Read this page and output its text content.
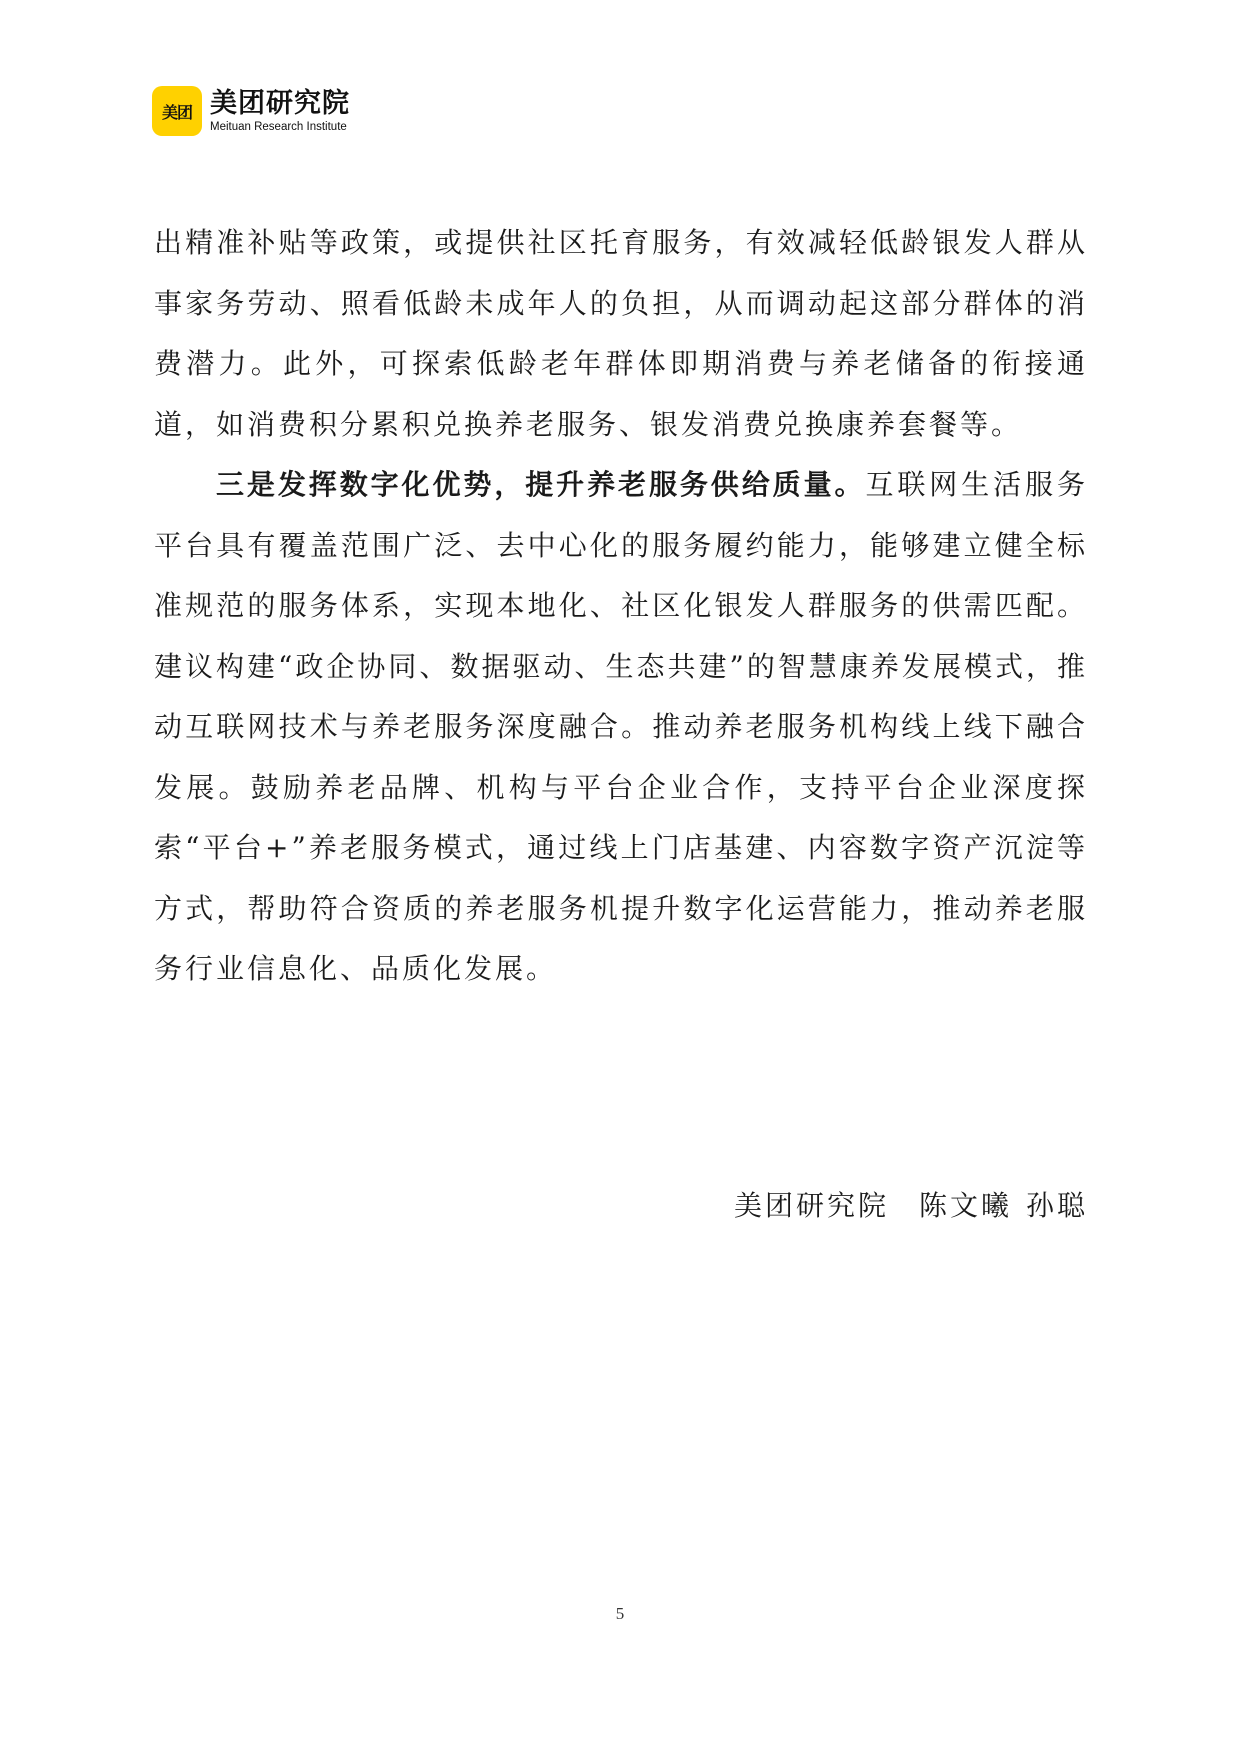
美团 美团研究院
Meituan Research Institute

出精准补贴等政策，或提供社区托育服务，有效减轻低龄银发人群从事家务劳动、照看低龄未成年人的负担，从而调动起这部分群体的消费潜力。此外，可探索低龄老年群体即期消费与养老储备的衔接通道，如消费积分累积兑换养老服务、银发消费兑换康养套餐等。

三是发挥数字化优势，提升养老服务供给质量。互联网生活服务平台具有覆盖范围广泛、去中心化的服务履约能力，能够建立健全标准规范的服务体系，实现本地化、社区化银发人群服务的供需匹配。建议构建“政企协同、数据驱动、生态共建”的智慧康养发展模式，推动互联网技术与养老服务深度融合。推动养老服务机构线上线下融合发展。鼓励养老品牌、机构与平台企业合作，支持平台企业深度探索“平台+”养老服务模式，通过线上门店基建、内容数字资产沉淀等方式，帮助符合资质的养老服务机提升数字化运营能力，推动养老服务行业信息化、品质化发展。

美团研究院 陈文曦 孙聪
5
